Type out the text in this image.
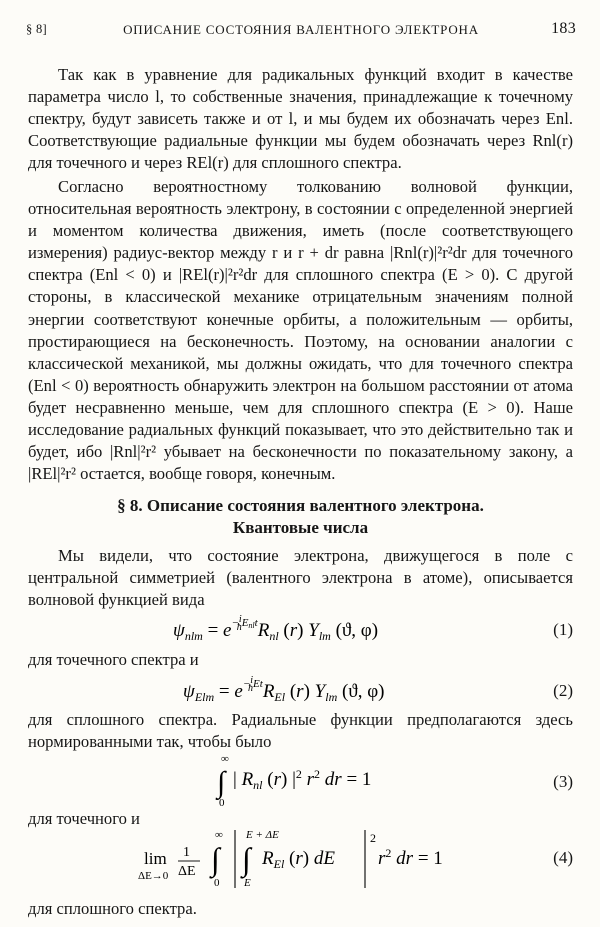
§ 8]	ОПИСАНИЕ СОСТОЯНИЯ ВАЛЕНТНОГО ЭЛЕКТРОНА	183

Так как в уравнение для радикальных функций входит в качестве параметра число l, то собственные значения, принадлежащие к точечному спектру, будут зависеть также и от l, и мы будем их обозначать через Enl. Соответствующие радиальные функции мы будем обозначать через Rnl(r) для точечного и через REl(r) для сплошного спектра.

Согласно вероятностному толкованию волновой функции, относительная вероятность электрону, в состоянии с определенной энергией и моментом количества движения, иметь (после соответствующего измерения) радиус-вектор между r и r + dr равна |Rnl(r)|²r²dr для точечного спектра (Enl < 0) и |REl(r)|²r²dr для сплошного спектра (E > 0). С другой стороны, в классической механике отрицательным значениям полной энергии соответствуют конечные орбиты, а положительным — орбиты, простирающиеся на бесконечность. Поэтому, на основании аналогии с классической механикой, мы должны ожидать, что для точечного спектра (Enl < 0) вероятность обнаружить электрон на большом расстоянии от атома будет несравненно меньше, чем для сплошного спектра (E > 0). Наше исследование радиальных функций показывает, что это действительно так и будет, ибо |Rnl|²r² убывает на бесконечности по показательному закону, а |REl|²r² остается, вообще говоря, конечным.

§ 8. Описание состояния валентного электрона.

Квантовые числа

Мы видели, что состояние электрона, движущегося в поле с центральной симметрией (валентного электрона в атоме), описывается волновой функцией вида

$\psi_{nlm} = e^{-i}$ $ħ^EnltR_{nl}$ (r) $Y_{lm}$ (ϑ, φ)	(1)

для точечного спектра и

$\psi_{Elm} = e^{-i}$ $ħ^{Et}R_{El}$ (r) $Y_{lm}$ (ϑ, φ)	(2)

для сплошного спектра. Радиальные функции предполагаются здесь нормированными так, чтобы было

∞
∫
0
| $R_{nl}$ (r) $|^2$ $r^2$ dr = 1	(3)

для точечного и

lim
ΔE→0
1
ΔE
∞
∫
0
E + ΔE
∫
E
$R_{El}$ (r) dE
2
$r^2$ dr = 1	(4)

для сплошного спектра.
